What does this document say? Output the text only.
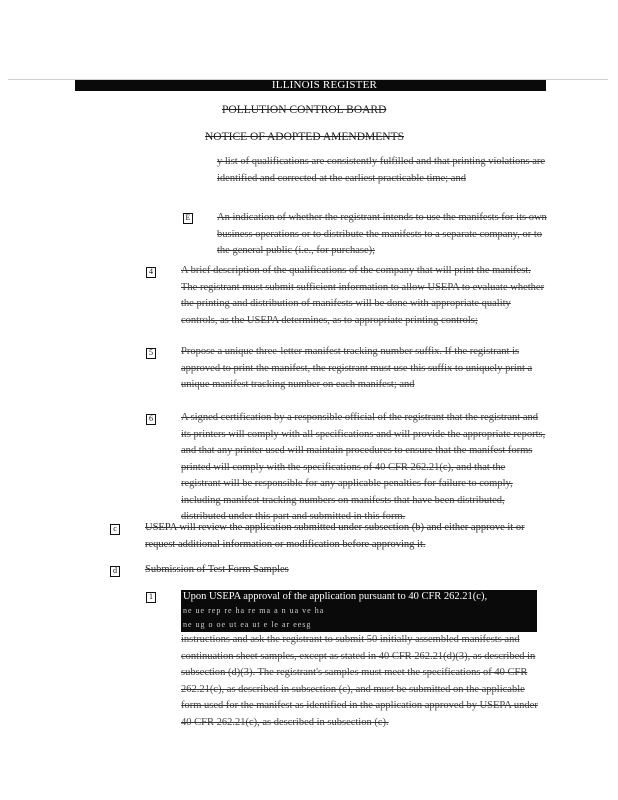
ILLINOIS REGISTER
POLLUTION CONTROL BOARD
NOTICE OF ADOPTED AMENDMENTS
y list of qualifications are consistently fulfilled and that printing violations are identified and corrected at the earliest practicable time; and
E	An indication of whether the registrant intends to use the manifests for its own business operations or to distribute the manifests to a separate company, or to the general public (i.e., for purchase);
4	A brief description of the qualifications of the company that will print the manifest. The registrant must submit sufficient information to allow USEPA to evaluate whether the printing and distribution of manifests will be done with appropriate quality controls, as the USEPA determines, as to appropriate printing controls;
5	Propose a unique three-letter manifest tracking number suffix. If the registrant is approved to print the manifest, the registrant must use this suffix to uniquely print a unique manifest tracking number on each manifest; and
6	A signed certification by a responsible official of the registrant that the registrant and its printers will comply with all specifications and will provide the appropriate reports, and that any printer used will maintain procedures to ensure that the manifest forms printed will comply with the specifications of 40 CFR 262.21(c), and that the registrant will be responsible for any applicable penalties for failure to comply, including manifest tracking numbers on manifests that have been distributed, distributed under this part and submitted in this form.
c	USEPA will review the application submitted under subsection (b) and either approve it or request additional information or modification before approving it.
d	Submission of Test Form Samples
1	Upon USEPA approval of the application pursuant to 40 CFR 262.21(c),
ne ue rep re ha re ma a n ua ve ha
ne ug o oe ut ea ut e le ar eesg
instructions and ask the registrant to submit 50 initially assembled manifests and continuation sheet samples, except as stated in 40 CFR 262.21(d)(3), as described in subsection (d)(3). The registrant's samples must meet the specifications of 40 CFR 262.21(c), as described in subsection (c), and must be submitted on the applicable form used for the manifest as identified in the application approved by USEPA under 40 CFR 262.21(c), as described in subsection (c).
